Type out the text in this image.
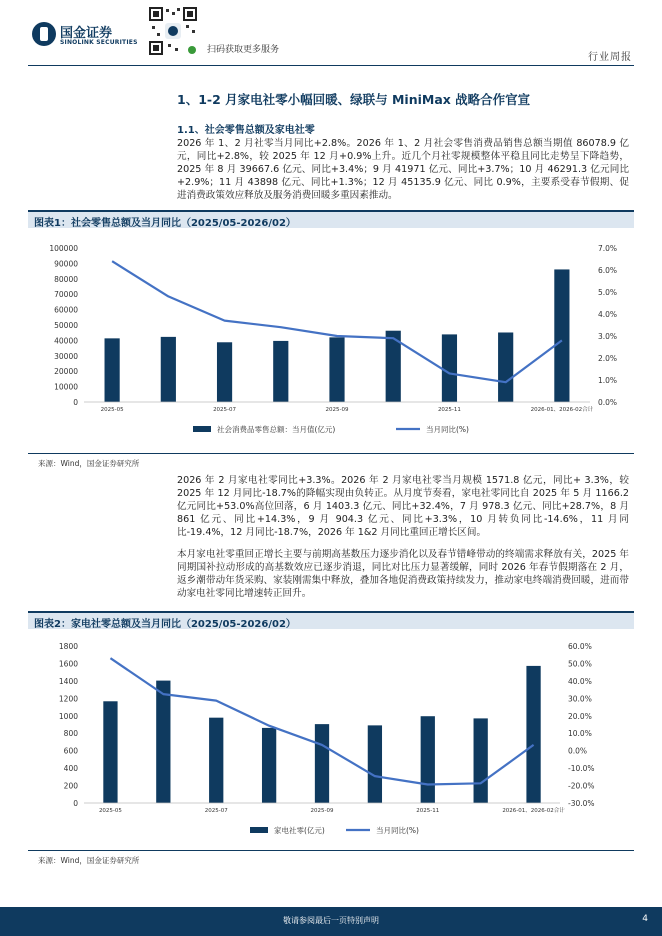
国金证券
SINOLINK SECURITIES
扫码获取更多服务
行业周报
1、1-2 月家电社零小幅回暖、绿联与 MiniMax 战略合作官宣
1.1、社会零售总额及家电社零
2026 年 1、2 月社零当月同比+2.8%。2026 年 1、2 月社会零售消费品销售总额当期值 86078.9 亿元，同比+2.8%，较 2025 年 12 月+0.9%上升。近几个月社零规模整体平稳且同比走势呈下降趋势，2025 年 8 月 39667.6 亿元、同比+3.4%；9 月 41971 亿元、同比+3.7%；10 月 46291.3 亿元同比+2.9%；11 月 43898 亿元、同比+1.3%；12 月 45135.9 亿元、同比 0.9%，主要系受春节假期、促进消费政策效应释放及服务消费回暖多重因素推动。
图表1：社会零售总额及当月同比（2025/05-2026/02）
100000
90000
80000
70000
60000
50000
40000
30000
20000
10000
0
7.0%
6.0%
5.0%
4.0%
3.0%
2.0%
1.0%
0.0%
2025-05	2025-07	2025-09	2025-11	2026-01、2026-02合计
社会消费品零售总额：当月值(亿元)	当月同比(%)
来源：Wind，国金证券研究所
2026 年 2 月家电社零同比+3.3%。2026 年 2 月家电社零当月规模 1571.8 亿元，同比+ 3.3%，较 2025 年 12 月同比-18.7%的降幅实现由负转正。从月度节奏看，家电社零同比自 2025 年 5 月 1166.2 亿元同比+53.0%高位回落，6 月 1403.3 亿元、同比+32.4%，7 月 978.3 亿元、同比+28.7%，8 月 861 亿元、同比+14.3%，9 月 904.3 亿元、同比+3.3%，10 月转负同比-14.6%，11 月同比-19.4%，12 月同比-18.7%，2026 年 1&2 月同比重回正增长区间。
本月家电社零重回正增长主要与前期高基数压力逐步消化以及春节错峰带动的终端需求释放有关，2025 年同期国补拉动形成的高基数效应已逐步消退，同比对比压力显著缓解，同时 2026 年春节假期落在 2 月，返乡潮带动年货采购、家装刚需集中释放，叠加各地促消费政策持续发力，推动家电终端消费回暖，进而带动家电社零同比增速转正回升。
图表2：家电社零总额及当月同比（2025/05-2026/02）
1800
1600
1400
1200
1000
800
600
400
200
0
60.0%
50.0%
40.0%
30.0%
20.0%
10.0%
0.0%
-10.0%
-20.0%
-30.0%
2025-05	2025-07	2025-09	2025-11	2026-01、2026-02合计
家电社零(亿元)	当月同比(%)
来源：Wind，国金证券研究所
敬请参阅最后一页特别声明	4
